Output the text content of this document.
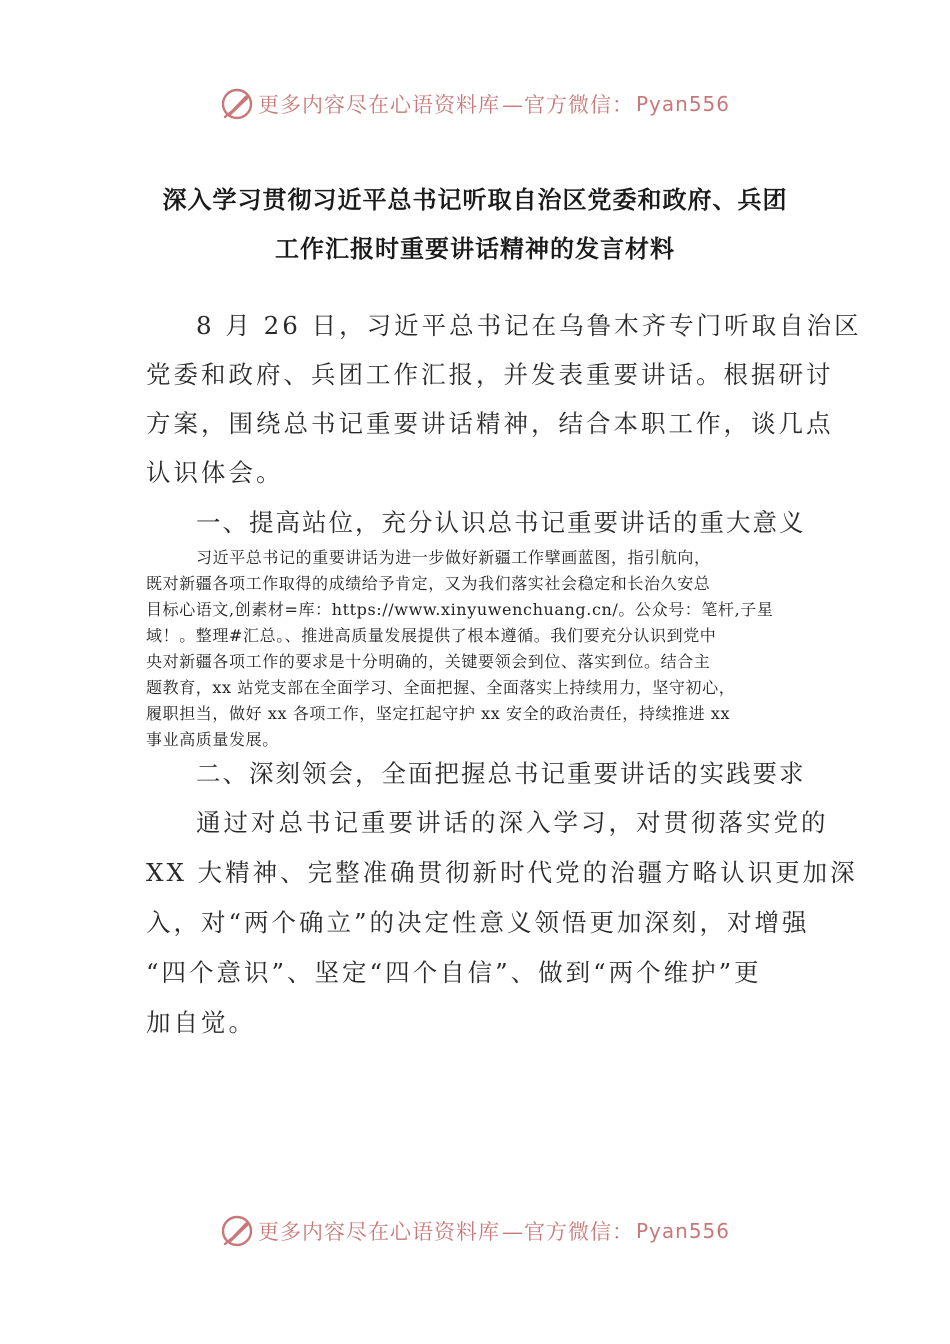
更多内容尽在心语资料库 —官方微信： Pyan556
深入学习贯彻习近平总书记听取自治区党委和政府、兵团
工作汇报时重要讲话精神的发言材料
8 月 26 日，习近平总书记在乌鲁木齐专门听取自治区
党委和政府、兵团工作汇报，并发表重要讲话。根据研讨
方案，围绕总书记重要讲话精神，结合本职工作，谈几点
认识体会。
一、提高站位，充分认识总书记重要讲话的重大意义
习近平总书记的重要讲话为进一步做好新疆工作擘画蓝图，指引航向，
既对新疆各项工作取得的成绩给予肯定，又为我们落实社会稳定和长治久安总
目标心语文,创素材=库：https://www.xinyuwenchuang.cn/。公众号：笔杆,子星
域！。整理#汇总。、推进高质量发展提供了根本遵循。我们要充分认识到党中
央对新疆各项工作的要求是十分明确的，关键要领会到位、落实到位。结合主
题教育，xx 站党支部在全面学习、全面把握、全面落实上持续用力，坚守初心，
履职担当，做好 xx 各项工作，坚定扛起守护 xx 安全的政治责任，持续推进 xx
事业高质量发展。
二、深刻领会，全面把握总书记重要讲话的实践要求
通过对总书记重要讲话的深入学习，对贯彻落实党的
XX 大精神、完整准确贯彻新时代党的治疆方略认识更加深
入，对“两个确立”的决定性意义领悟更加深刻，对增强
“四个意识”、坚定“四个自信”、做到“两个维护”更
加自觉。
更多内容尽在心语资料库 —官方微信： Pyan556
